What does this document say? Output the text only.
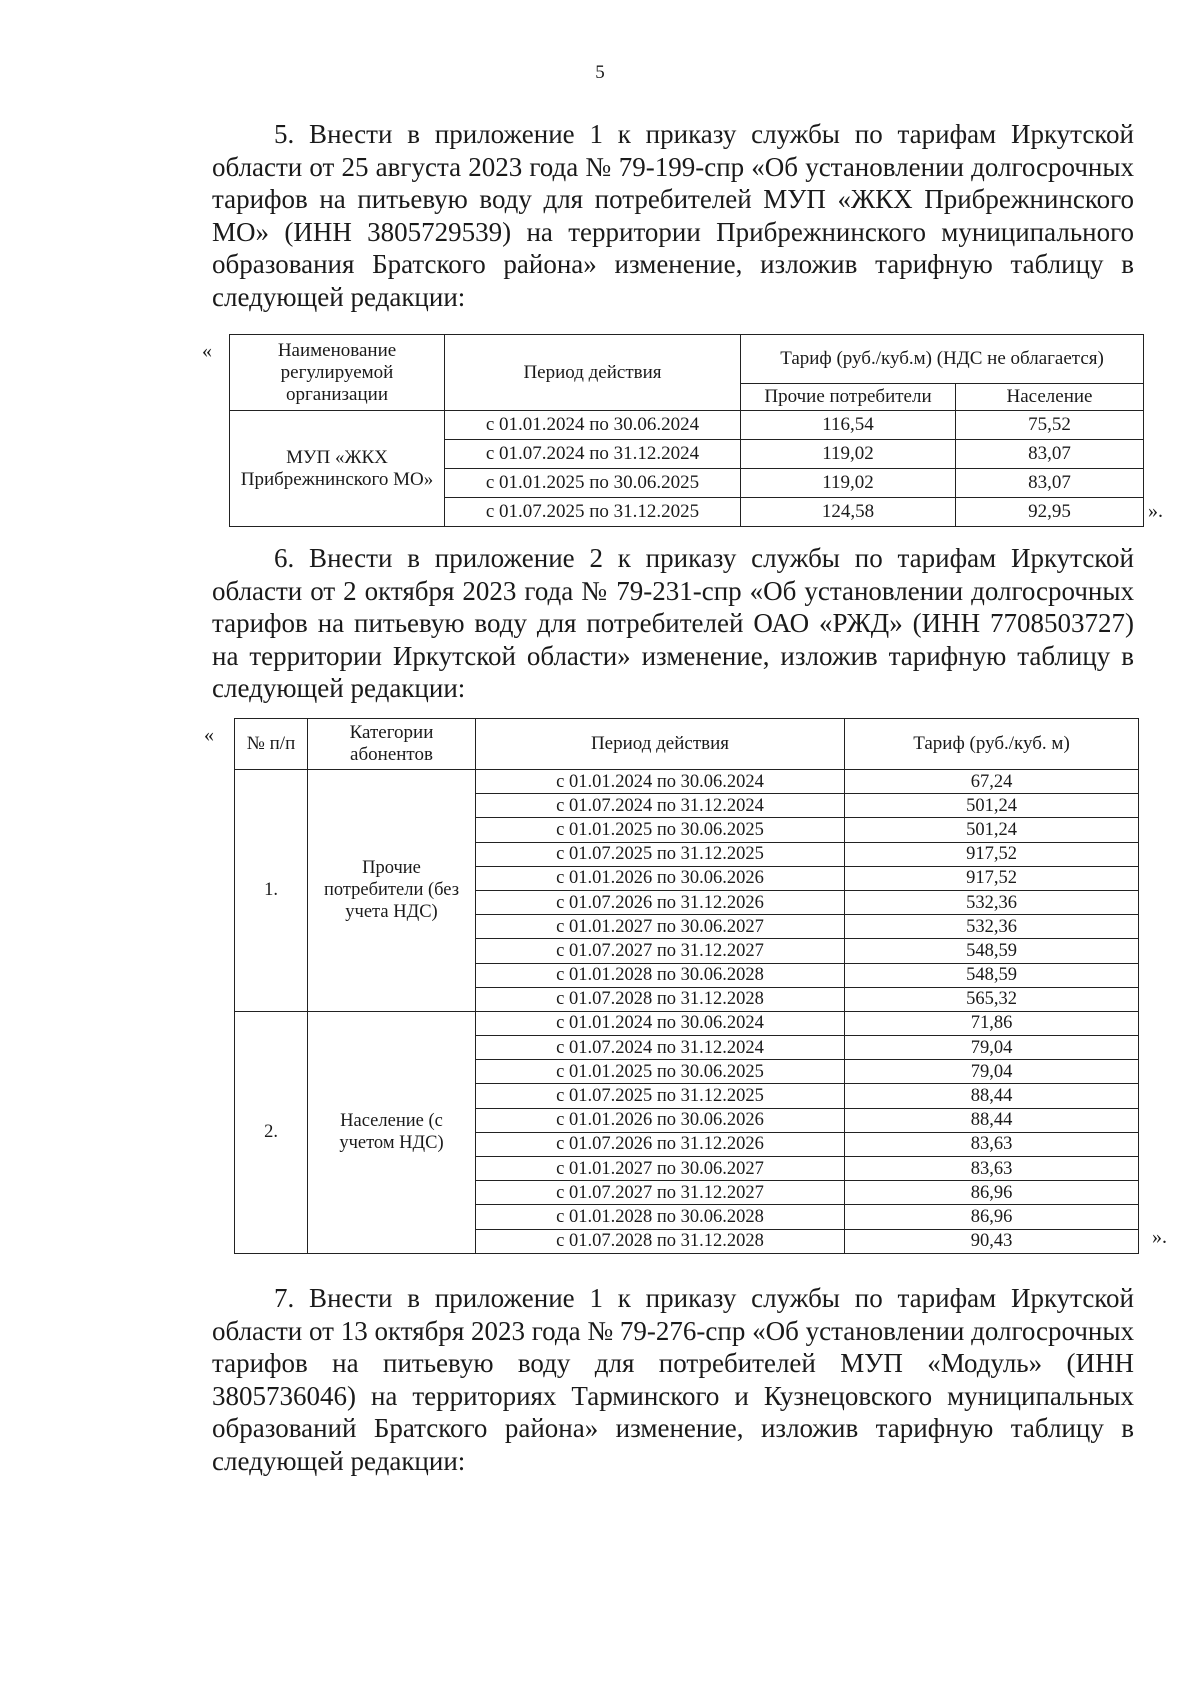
5

5. Внести в приложение 1 к приказу службы по тарифам Иркутской области от 25 августа 2023 года № 79-199-спр «Об установлении долгосрочных тарифов на питьевую воду для потребителей МУП «ЖКХ Прибрежнинского МО» (ИНН 3805729539) на территории Прибрежнинского муниципального образования Братского района» изменение, изложив тарифную таблицу в следующей редакции:

«	Наименование регулируемой организации	Период действия	Тариф (руб./куб.м) (НДС не облагается)	
		Прочие потребители	Население
МУП «ЖКХ Прибрежнинского МО»	с 01.01.2024 по 30.06.2024	116,54	75,52
	с 01.07.2024 по 31.12.2024	119,02	83,07
	с 01.01.2025 по 30.06.2025	119,02	83,07
	с 01.07.2025 по 31.12.2025	124,58	92,95	».

6. Внести в приложение 2 к приказу службы по тарифам Иркутской области от 2 октября 2023 года № 79-231-спр «Об установлении долгосрочных тарифов на питьевую воду для потребителей ОАО «РЖД» (ИНН 7708503727) на территории Иркутской области» изменение, изложив тарифную таблицу в следующей редакции:

« № п/п	Категории абонентов	Период действия	Тариф (руб./куб. м)
1.	Прочие потребители (без учета НДС)	с 01.01.2024 по 30.06.2024	67,24
		с 01.07.2024 по 31.12.2024	501,24
		с 01.01.2025 по 30.06.2025	501,24
		с 01.07.2025 по 31.12.2025	917,52
		с 01.01.2026 по 30.06.2026	917,52
		с 01.07.2026 по 31.12.2026	532,36
		с 01.01.2027 по 30.06.2027	532,36
		с 01.07.2027 по 31.12.2027	548,59
		с 01.01.2028 по 30.06.2028	548,59
		с 01.07.2028 по 31.12.2028	565,32
2.	Население (с учетом НДС)	с 01.01.2024 по 30.06.2024	71,86
		с 01.07.2024 по 31.12.2024	79,04
		с 01.01.2025 по 30.06.2025	79,04
		с 01.07.2025 по 31.12.2025	88,44
		с 01.01.2026 по 30.06.2026	88,44
		с 01.07.2026 по 31.12.2026	83,63
		с 01.01.2027 по 30.06.2027	83,63
		с 01.07.2027 по 31.12.2027	86,96
		с 01.01.2028 по 30.06.2028	86,96
		с 01.07.2028 по 31.12.2028	90,43	».

7. Внести в приложение 1 к приказу службы по тарифам Иркутской области от 13 октября 2023 года № 79-276-спр «Об установлении долгосрочных тарифов на питьевую воду для потребителей МУП «Модуль» (ИНН 3805736046) на территориях Тарминского и Кузнецовского муниципальных образований Братского района» изменение, изложив тарифную таблицу в следующей редакции:
